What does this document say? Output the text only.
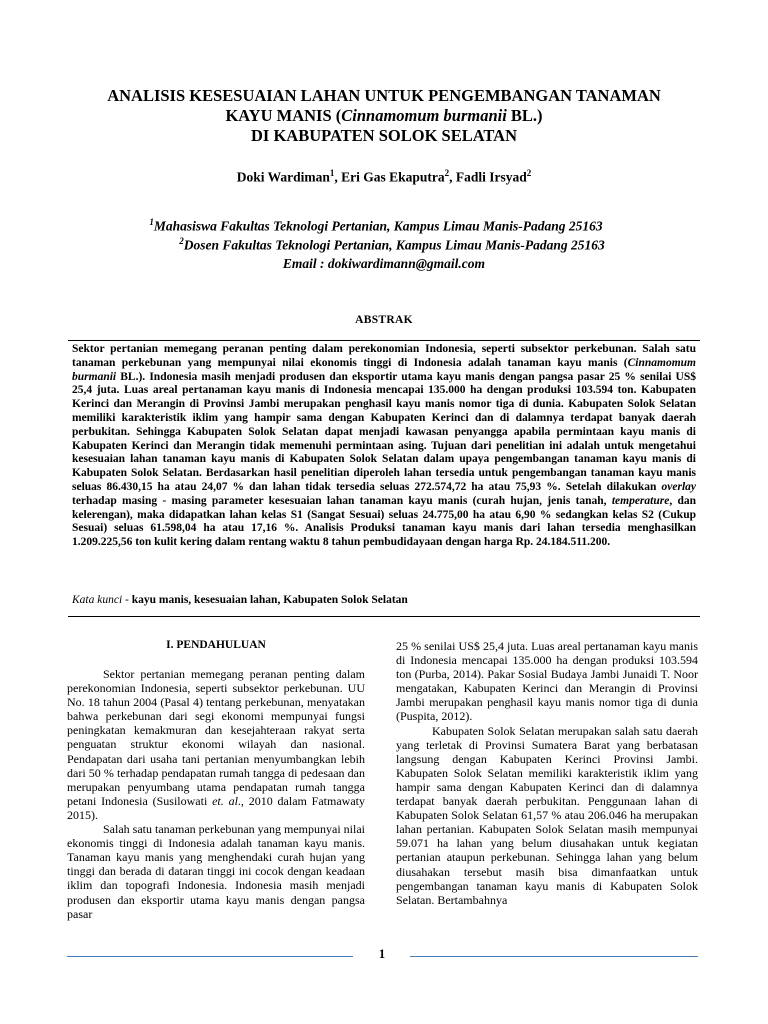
ANALISIS KESESUAIAN LAHAN UNTUK PENGEMBANGAN TANAMAN
KAYU MANIS (Cinnamomum burmanii BL.)
DI KABUPATEN SOLOK SELATAN
Doki Wardiman$^1$, Eri Gas Ekaputra$^2$, Fadli Irsyad$^2$
$^1$Mahasiswa Fakultas Teknologi Pertanian, Kampus Limau Manis-Padang 25163
$^2$Dosen Fakultas Teknologi Pertanian, Kampus Limau Manis-Padang 25163
Email : dokiwardimann@gmail.com
ABSTRAK

Sektor pertanian memegang peranan penting dalam perekonomian Indonesia, seperti subsektor perkebunan. Salah satu tanaman perkebunan yang mempunyai nilai ekonomis tinggi di Indonesia adalah tanaman kayu manis (Cinnamomum burmanii BL.). Indonesia masih menjadi produsen dan eksportir utama kayu manis dengan pangsa pasar 25 % senilai US$ 25,4 juta. Luas areal pertanaman kayu manis di Indonesia mencapai 135.000 ha dengan produksi 103.594 ton. Kabupaten Kerinci dan Merangin di Provinsi Jambi merupakan penghasil kayu manis nomor tiga di dunia. Kabupaten Solok Selatan memiliki karakteristik iklim yang hampir sama dengan Kabupaten Kerinci dan di dalamnya terdapat banyak daerah perbukitan. Sehingga Kabupaten Solok Selatan dapat menjadi kawasan penyangga apabila permintaan kayu manis di Kabupaten Kerinci dan Merangin tidak memenuhi permintaan asing. Tujuan dari penelitian ini adalah untuk mengetahui kesesuaian lahan tanaman kayu manis di Kabupaten Solok Selatan dalam upaya pengembangan tanaman kayu manis di Kabupaten Solok Selatan. Berdasarkan hasil penelitian diperoleh lahan tersedia untuk pengembangan tanaman kayu manis seluas 86.430,15 ha atau 24,07 % dan lahan tidak tersedia seluas 272.574,72 ha atau 75,93 %. Setelah dilakukan overlay terhadap masing - masing parameter kesesuaian lahan tanaman kayu manis (curah hujan, jenis tanah, temperature, dan kelerengan), maka didapatkan lahan kelas S1 (Sangat Sesuai) seluas 24.775,00 ha atau 6,90 % sedangkan kelas S2 (Cukup Sesuai) seluas 61.598,04 ha atau 17,16 %. Analisis Produksi tanaman kayu manis dari lahan tersedia menghasilkan 1.209.225,56 ton kulit kering dalam rentang waktu 8 tahun pembudidayaan dengan harga Rp. 24.184.511.200.

Kata kunci - kayu manis, kesesuaian lahan, Kabupaten Solok Selatan
I. PENDAHULUAN

Sektor pertanian memegang peranan penting dalam perekonomian Indonesia, seperti subsektor perkebunan. UU No. 18 tahun 2004 (Pasal 4) tentang perkebunan, menyatakan bahwa perkebunan dari segi ekonomi mempunyai fungsi peningkatan kemakmuran dan kesejahteraan rakyat serta penguatan struktur ekonomi wilayah dan nasional. Pendapatan dari usaha tani pertanian menyumbangkan lebih dari 50 % terhadap pendapatan rumah tangga di pedesaan dan merupakan penyumbang utama pendapatan rumah tangga petani Indonesia (Susilowati et. al., 2010 dalam Fatmawaty 2015).

Salah satu tanaman perkebunan yang mempunyai nilai ekonomis tinggi di Indonesia adalah tanaman kayu manis. Tanaman kayu manis yang menghendaki curah hujan yang tinggi dan berada di dataran tinggi ini cocok dengan keadaan iklim dan topografi Indonesia. Indonesia masih menjadi produsen dan eksportir utama kayu manis dengan pangsa pasar

25 % senilai US$ 25,4 juta. Luas areal pertanaman kayu manis di Indonesia mencapai 135.000 ha dengan produksi 103.594 ton (Purba, 2014). Pakar Sosial Budaya Jambi Junaidi T. Noor mengatakan, Kabupaten Kerinci dan Merangin di Provinsi Jambi merupakan penghasil kayu manis nomor tiga di dunia (Puspita, 2012).

Kabupaten Solok Selatan merupakan salah satu daerah yang terletak di Provinsi Sumatera Barat yang berbatasan langsung dengan Kabupaten Kerinci Provinsi Jambi. Kabupaten Solok Selatan memiliki karakteristik iklim yang hampir sama dengan Kabupaten Kerinci dan di dalamnya terdapat banyak daerah perbukitan. Penggunaan lahan di Kabupaten Solok Selatan 61,57 % atau 206.046 ha merupakan lahan pertanian. Kabupaten Solok Selatan masih mempunyai 59.071 ha lahan yang belum diusahakan untuk kegiatan pertanian ataupun perkebunan. Sehingga lahan yang belum diusahakan tersebut masih bisa dimanfaatkan untuk pengembangan tanaman kayu manis di Kabupaten Solok Selatan. Bertambahnya

1
